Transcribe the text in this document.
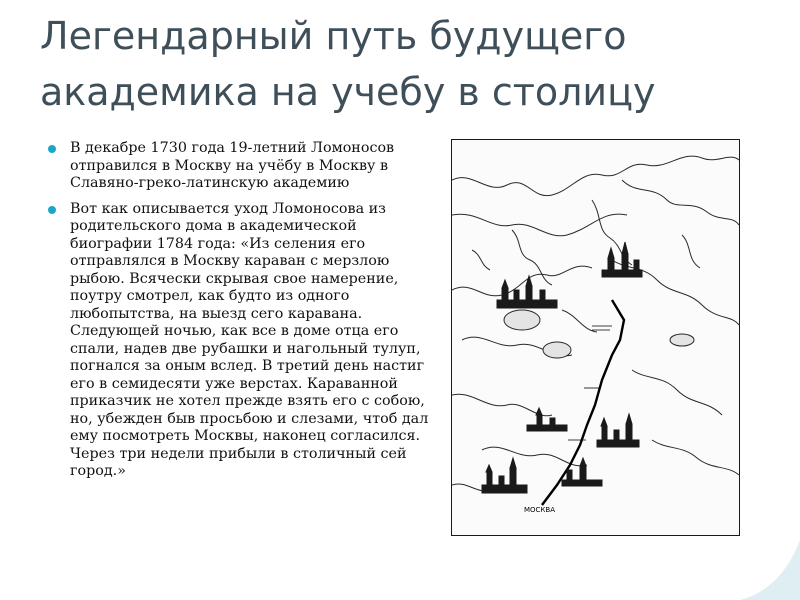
Легендарный путь будущего
академика на учебу в столицу
В декабре 1730 года 19-летний Ломоносов отправился в Москву на учёбу в Москву в Славяно-греко-латинскую академию
Вот как описывается уход Ломоносова из родительского дома в академической биографии 1784 года: «Из селения его отправлялся в Москву караван с мерзлою рыбою. Всячески скрывая свое намерение, поутру смотрел, как будто из одного любопытства, на выезд сего каравана. Следующей ночью, как все в доме отца его спали, надев две рубашки и нагольный тулуп, погнался за оным вслед. В третий день настиг его в семидесяти уже верстах. Караванной приказчик не хотел прежде взять его с собою, но, убежден быв просьбою и слезами, чтоб дал ему посмотреть Москвы, наконец согласился. Через три недели прибыли в столичный сей город.»
МОСКВА
